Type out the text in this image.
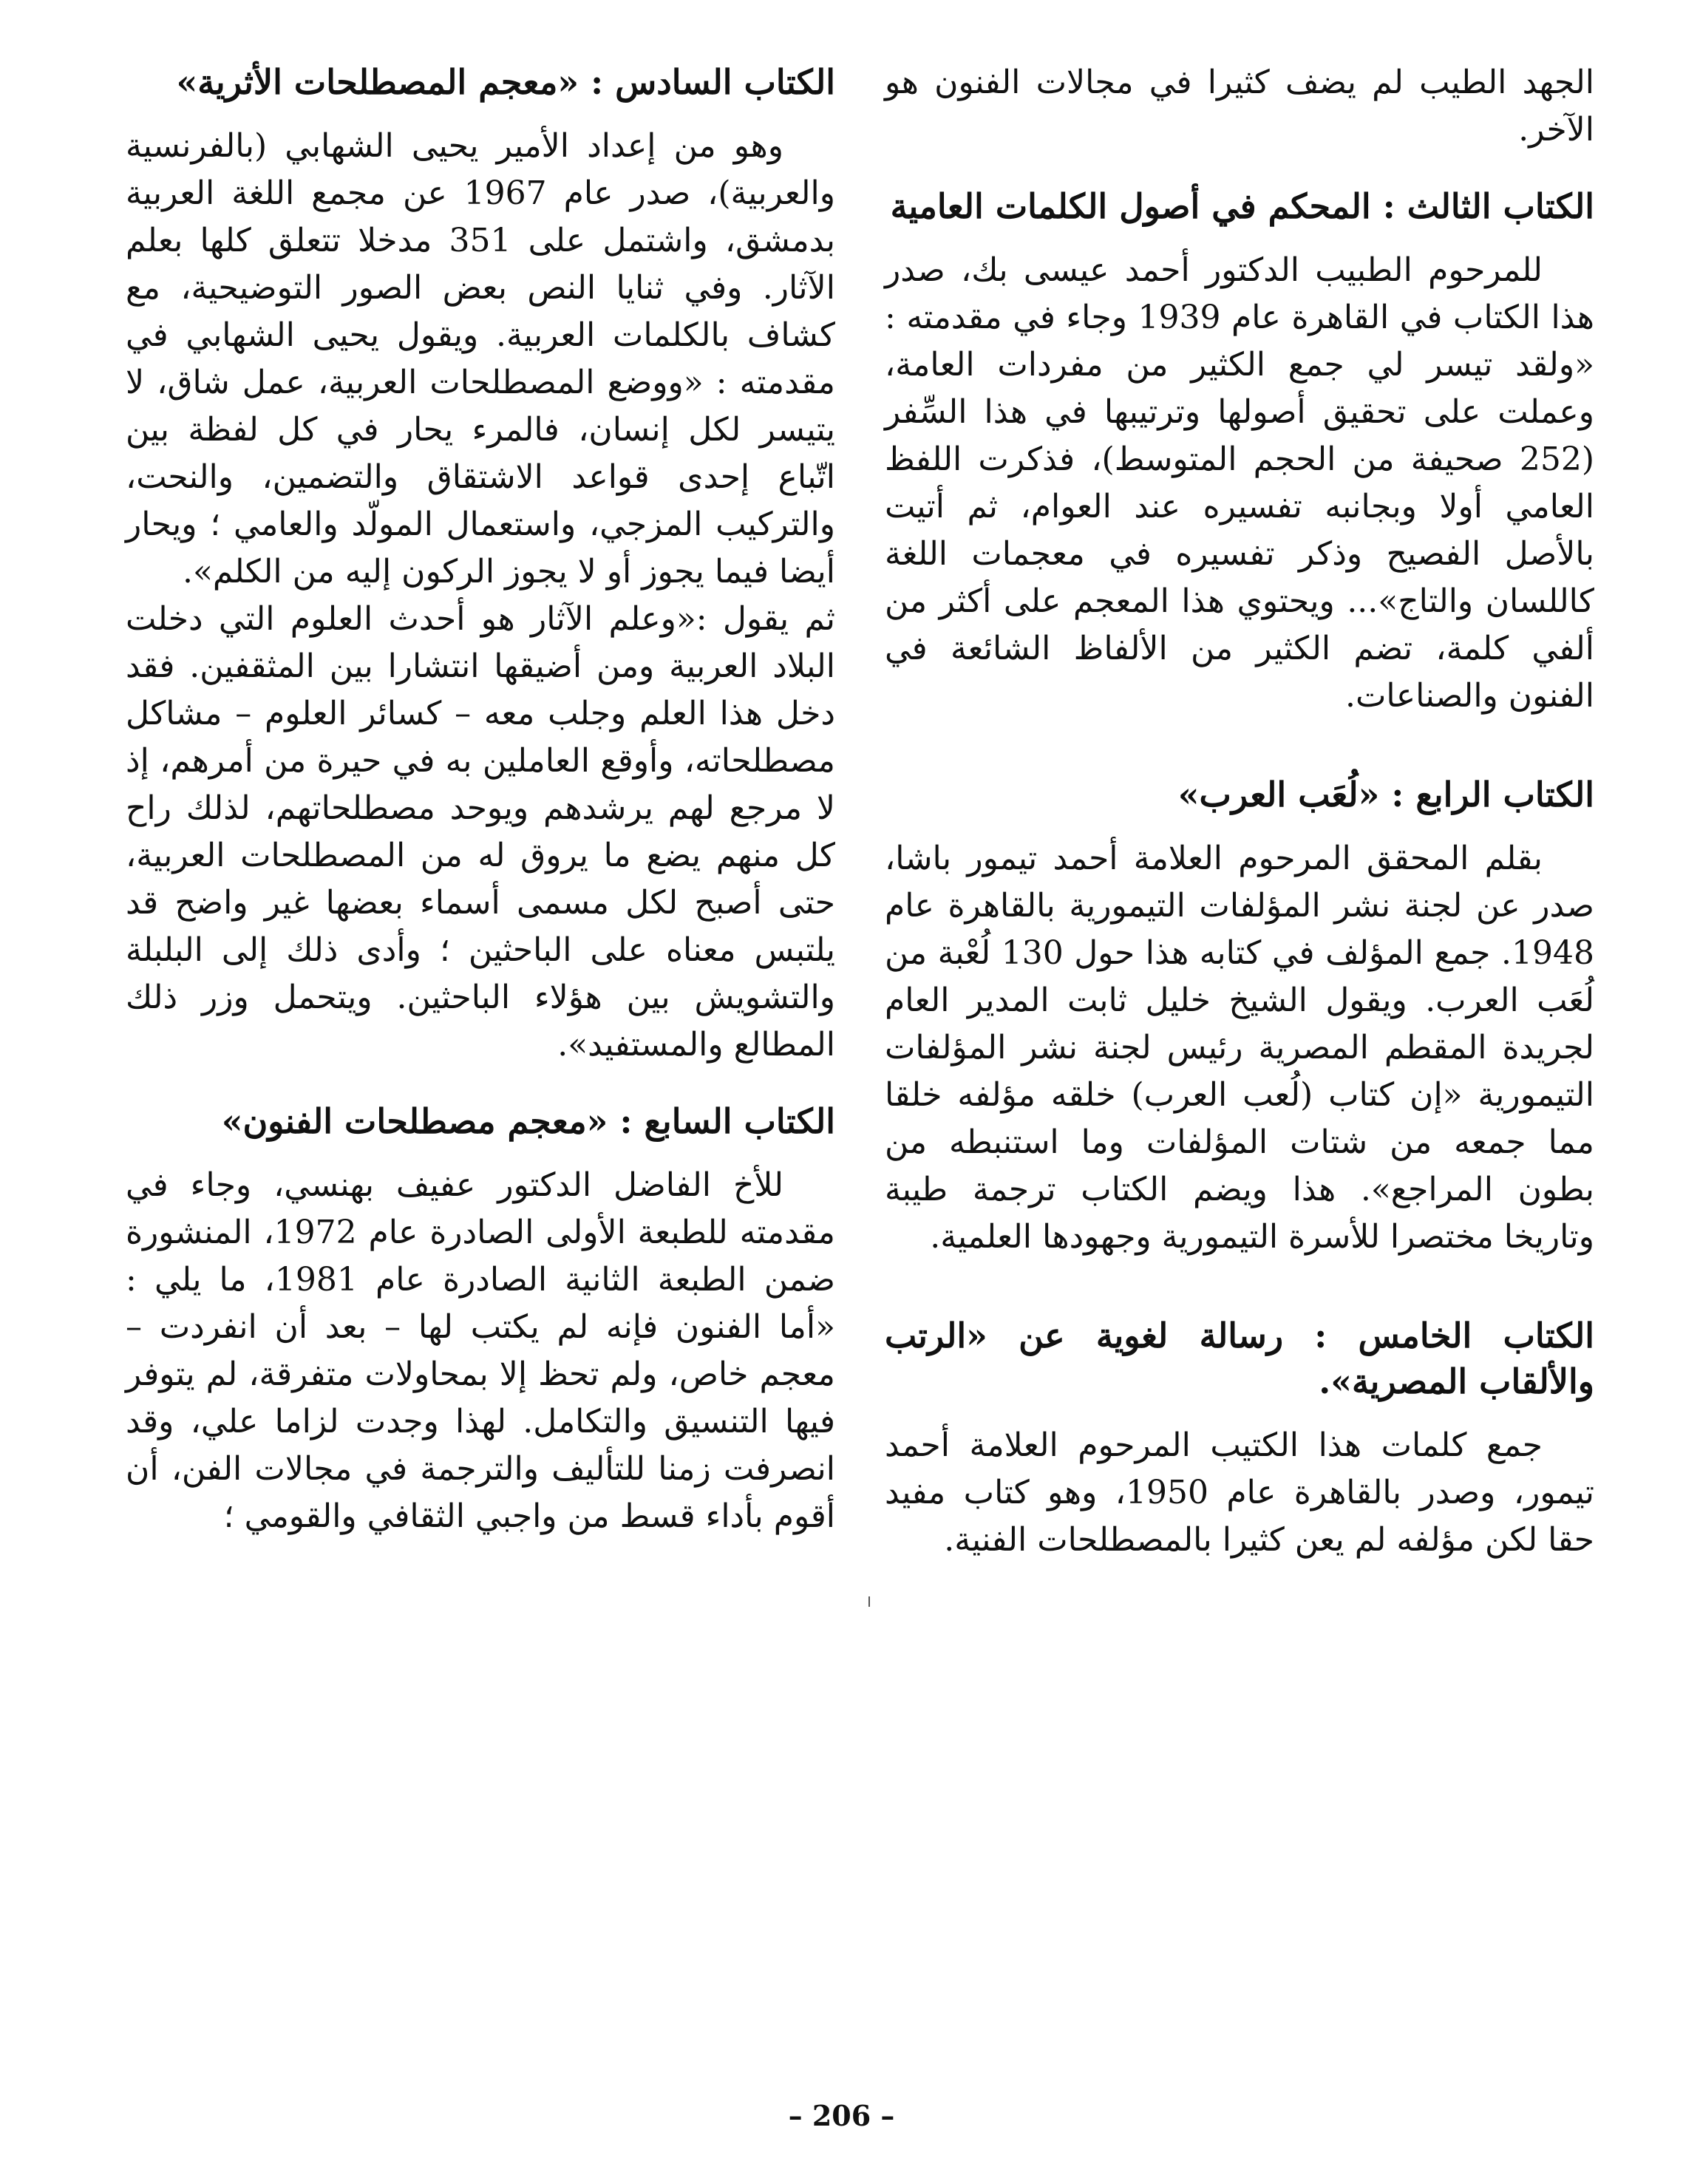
الجهد الطيب لم يضف كثيرا في مجالات الفنون هو الآخر.

الكتاب الثالث : المحكم في أصول الكلمات العامية

للمرحوم الطبيب الدكتور أحمد عيسى بك، صدر هذا الكتاب في القاهرة عام 1939 وجاء في مقدمته : «ولقد تيسر لي جمع الكثير من مفردات العامة، وعملت على تحقيق أصولها وترتيبها في هذا السِّفر (252 صحيفة من الحجم المتوسط)، فذكرت اللفظ العامي أولا وبجانبه تفسيره عند العوام، ثم أتيت بالأصل الفصيح وذكر تفسيره في معجمات اللغة كاللسان والتاج»... ويحتوي هذا المعجم على أكثر من ألفي كلمة، تضم الكثير من الألفاظ الشائعة في الفنون والصناعات.

الكتاب الرابع : «لُعَب العرب»

بقلم المحقق المرحوم العلامة أحمد تيمور باشا، صدر عن لجنة نشر المؤلفات التيمورية بالقاهرة عام 1948. جمع المؤلف في كتابه هذا حول 130 لُعْبة من لُعَب العرب. ويقول الشيخ خليل ثابت المدير العام لجريدة المقطم المصرية رئيس لجنة نشر المؤلفات التيمورية «إن كتاب (لُعب العرب) خلقه مؤلفه خلقا مما جمعه من شتات المؤلفات وما استنبطه من بطون المراجع». هذا ويضم الكتاب ترجمة طيبة وتاريخا مختصرا للأسرة التيمورية وجهودها العلمية.

الكتاب الخامس : رسالة لغوية عن «الرتب والألقاب المصرية».

جمع كلمات هذا الكتيب المرحوم العلامة أحمد تيمور، وصدر بالقاهرة عام 1950، وهو كتاب مفيد حقا لكن مؤلفه لم يعن كثيرا بالمصطلحات الفنية.

الكتاب السادس : «معجم المصطلحات الأثرية»

وهو من إعداد الأمير يحيى الشهابي (بالفرنسية والعربية)، صدر عام 1967 عن مجمع اللغة العربية بدمشق، واشتمل على 351 مدخلا تتعلق كلها بعلم الآثار. وفي ثنايا النص بعض الصور التوضيحية، مع كشاف بالكلمات العربية. ويقول يحيى الشهابي في مقدمته : «ووضع المصطلحات العربية، عمل شاق، لا يتيسر لكل إنسان، فالمرء يحار في كل لفظة بين اتّباع إحدى قواعد الاشتقاق والتضمين، والنحت، والتركيب المزجي، واستعمال المولّد والعامي ؛ ويحار أيضا فيما يجوز أو لا يجوز الركون إليه من الكلم».

ثم يقول :«وعلم الآثار هو أحدث العلوم التي دخلت البلاد العربية ومن أضيقها انتشارا بين المثقفين. فقد دخل هذا العلم وجلب معه – كسائر العلوم – مشاكل مصطلحاته، وأوقع العاملين به في حيرة من أمرهم، إذ لا مرجع لهم يرشدهم ويوحد مصطلحاتهم، لذلك راح كل منهم يضع ما يروق له من المصطلحات العربية، حتى أصبح لكل مسمى أسماء بعضها غير واضح قد يلتبس معناه على الباحثين ؛ وأدى ذلك إلى البلبلة والتشويش بين هؤلاء الباحثين. ويتحمل وزر ذلك المطالع والمستفيد».

الكتاب السابع : «معجم مصطلحات الفنون»

للأخ الفاضل الدكتور عفيف بهنسي، وجاء في مقدمته للطبعة الأولى الصادرة عام 1972، المنشورة ضمن الطبعة الثانية الصادرة عام 1981، ما يلي : «أما الفنون فإنه لم يكتب لها – بعد أن انفردت – معجم خاص، ولم تحظ إلا بمحاولات متفرقة، لم يتوفر فيها التنسيق والتكامل. لهذا وجدت لزاما علي، وقد انصرفت زمنا للتأليف والترجمة في مجالات الفن، أن أقوم بأداء قسط من واجبي الثقافي والقومي ؛

– 206 –
